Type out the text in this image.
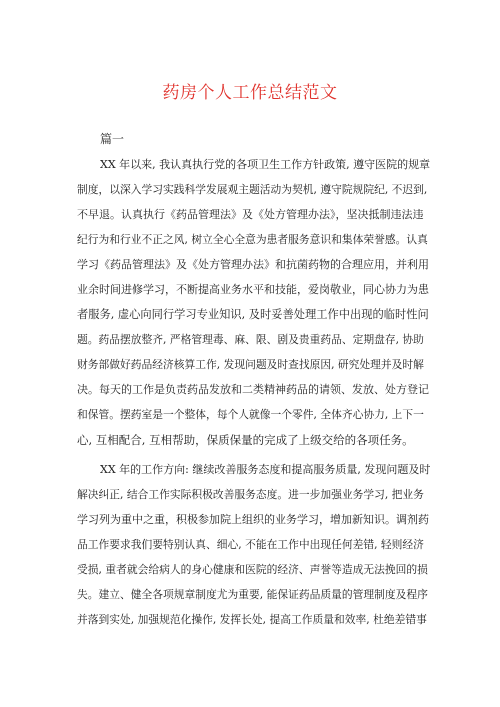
药房个人工作总结范文
篇一
XX 年以来, 我认真执行党的各项卫生工作方针政策, 遵守医院的规章
制度，以深入学习实践科学发展观主题活动为契机, 遵守院规院纪, 不迟到,
不早退。认真执行《药品管理法》及《处方管理办法》，坚决抵制违法违
纪行为和行业不正之风, 树立全心全意为患者服务意识和集体荣誉感。认真
学习《药品管理法》及《处方管理办法》和抗菌药物的合理应用，并利用
业余时间进修学习，不断提高业务水平和技能，爱岗敬业，同心协力为患
者服务, 虚心向同行学习专业知识, 及时妥善处理工作中出现的临时性问
题。药品摆放整齐, 严格管理毒、麻、限、剧及贵重药品、定期盘存, 协助
财务部做好药品经济核算工作, 发现问题及时查找原因, 研究处理并及时解
决。每天的工作是负责药品发放和二类精神药品的请领、发放、处方登记
和保管。摆药室是一个整体，每个人就像一个零件, 全体齐心协力, 上下一
心, 互相配合, 互相帮助，保质保量的完成了上级交给的各项任务。
XX 年的工作方向: 继续改善服务态度和提高服务质量, 发现问题及时
解决纠正, 结合工作实际积极改善服务态度。进一步加强业务学习, 把业务
学习列为重中之重，积极参加院上组织的业务学习，增加新知识。调剂药
品工作要求我们要特别认真、细心, 不能在工作中出现任何差错, 轻则经济
受损, 重者就会给病人的身心健康和医院的经济、声誉等造成无法挽回的损
失。建立、健全各项规章制度尤为重要, 能保证药品质量的管理制度及程序
并落到实处, 加强规范化操作, 发挥长处, 提高工作质量和效率, 杜绝差错事
